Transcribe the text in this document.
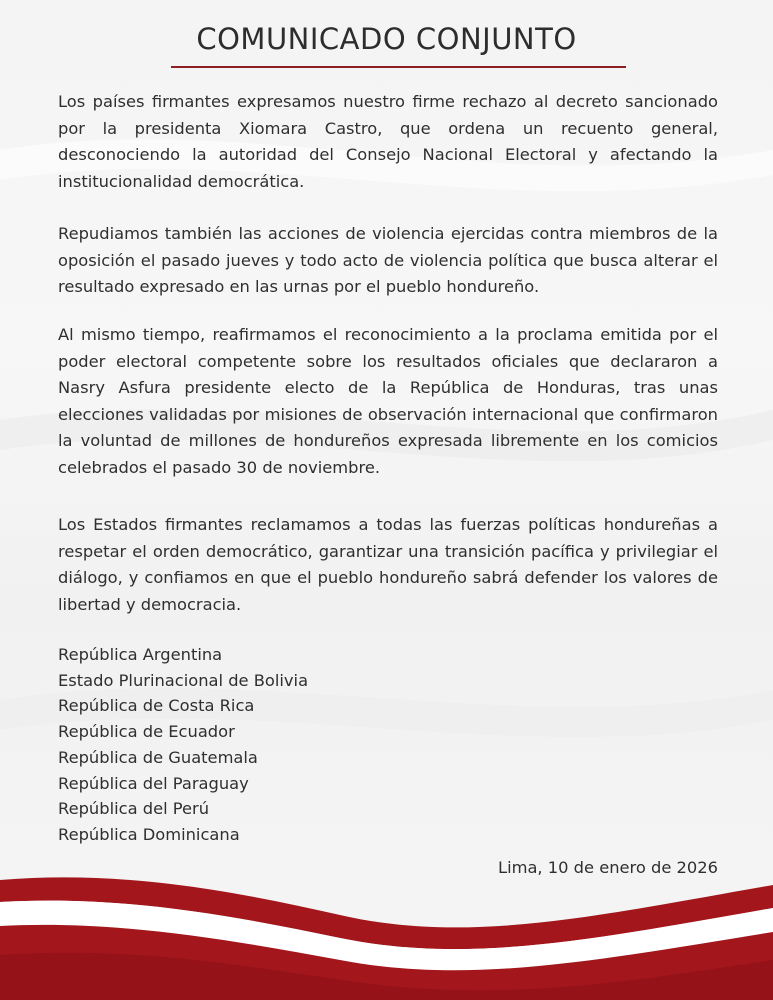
COMUNICADO CONJUNTO

Los países firmantes expresamos nuestro firme rechazo al decreto sancionado por la presidenta Xiomara Castro, que ordena un recuento general, desconociendo la autoridad del Consejo Nacional Electoral y afectando la institucionalidad democrática.

Repudiamos también las acciones de violencia ejercidas contra miembros de la oposición el pasado jueves y todo acto de violencia política que busca alterar el resultado expresado en las urnas por el pueblo hondureño.

Al mismo tiempo, reafirmamos el reconocimiento a la proclama emitida por el poder electoral competente sobre los resultados oficiales que declararon a Nasry Asfura presidente electo de la República de Honduras, tras unas elecciones validadas por misiones de observación internacional que confirmaron la voluntad de millones de hondureños expresada libremente en los comicios celebrados el pasado 30 de noviembre.

Los Estados firmantes reclamamos a todas las fuerzas políticas hondureñas a respetar el orden democrático, garantizar una transición pacífica y privilegiar el diálogo, y confiamos en que el pueblo hondureño sabrá defender los valores de libertad y democracia.

República Argentina
Estado Plurinacional de Bolivia
República de Costa Rica
República de Ecuador
República de Guatemala
República del Paraguay
República del Perú
República Dominicana
Lima, 10 de enero de 2026
